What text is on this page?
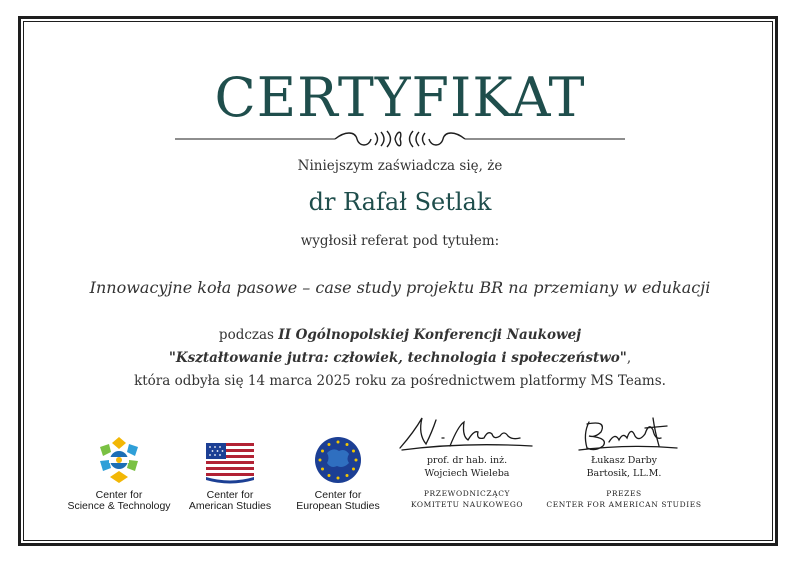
CERTYFIKAT
Niniejszym zaświadcza się, że
dr Rafał Setlak
wygłosił referat pod tytułem:
Innowacyjne koła pasowe – case study projektu BR na przemiany w edukacji
podczas II Ogólnopolskiej Konferencji Naukowej
"Kształtowanie jutra: człowiek, technologia i społeczeństwo",
która odbyła się 14 marca 2025 roku za pośrednictwem platformy MS Teams.
Center for
Science & Technology
Center for
American Studies
Center for
European Studies
prof. dr hab. inż.
Wojciech Wieleba
PRZEWODNICZĄCY
KOMITETU NAUKOWEGO
Łukasz Darby
Bartosik, LL.M.
PREZES
CENTER FOR AMERICAN STUDIES
